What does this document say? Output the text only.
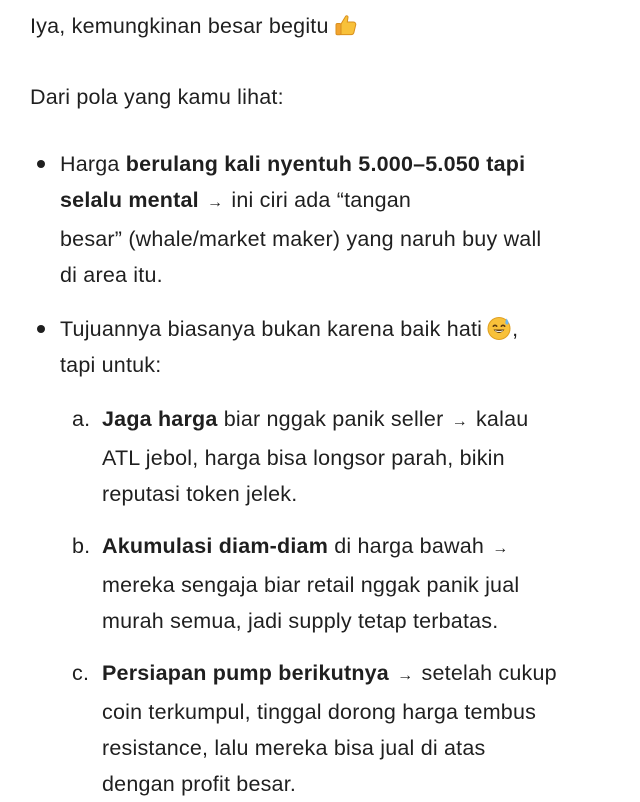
Iya, kemungkinan besar begitu

Dari pola yang kamu lihat:

Harga berulang kali nyentuh 5.000–5.050 tapi
selalu mental → ini ciri ada “tangan
besar” (whale/market maker) yang naruh buy wall
di area itu.
Tujuannya biasanya bukan karena baik hati ,
tapi untuk:
a. Jaga harga biar nggak panik seller → kalau
ATL jebol, harga bisa longsor parah, bikin
reputasi token jelek.
b. Akumulasi diam-diam di harga bawah →
mereka sengaja biar retail nggak panik jual
murah semua, jadi supply tetap terbatas.
c. Persiapan pump berikutnya → setelah cukup
coin terkumpul, tinggal dorong harga tembus
resistance, lalu mereka bisa jual di atas
dengan profit besar.
